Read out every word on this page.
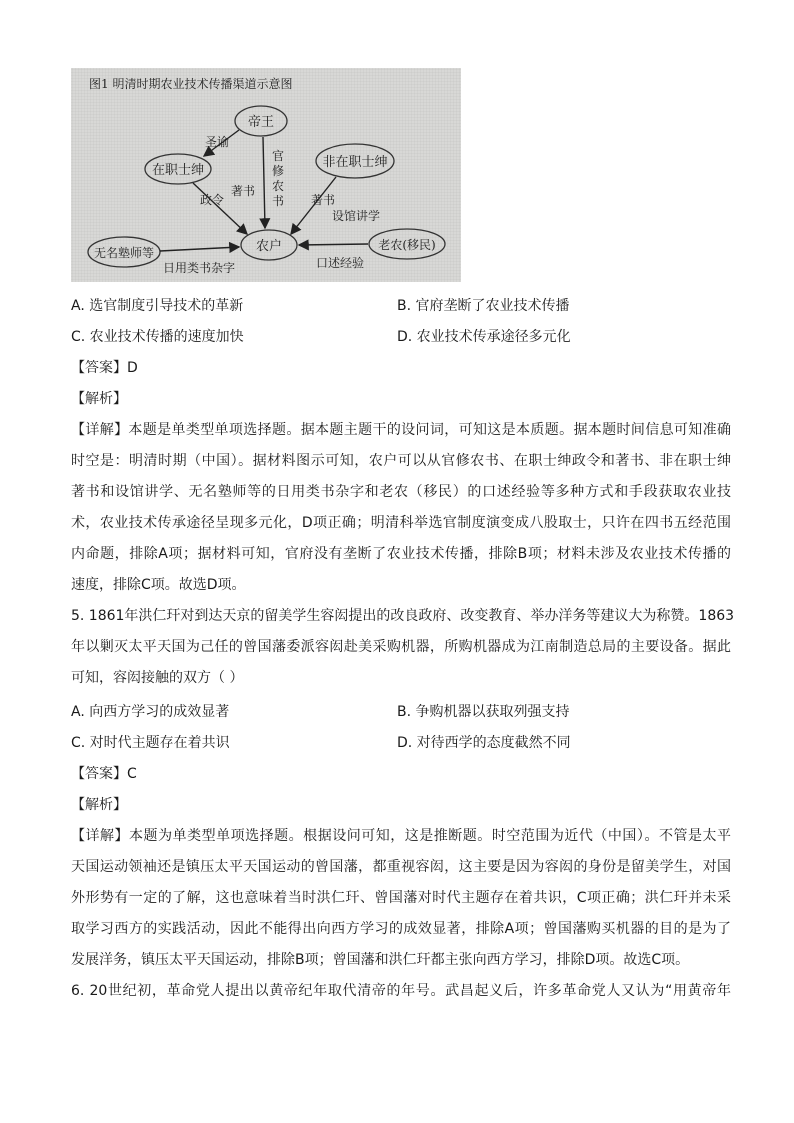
图1 明清时期农业技术传播渠道示意图
帝王
在职士绅
非在职士绅
农户
无名塾师等
老农(移民)
圣谕
官
修
农
书
著书
政令	著书
设馆讲学
日用类书杂字	口述经验
A. 选官制度引导技术的革新	B. 官府垄断了农业技术传播
C. 农业技术传播的速度加快	D. 农业技术传承途径多元化
【答案】D
【解析】
【详解】本题是单类型单项选择题。据本题主题干的设问词，可知这是本质题。据本题时间信息可知准确
时空是：明清时期（中国）。据材料图示可知，农户可以从官修农书、在职士绅政令和著书、非在职士绅
著书和设馆讲学、无名塾师等的日用类书杂字和老农（移民）的口述经验等多种方式和手段获取农业技
术，农业技术传承途径呈现多元化，D项正确；明清科举选官制度演变成八股取士，只许在四书五经范围
内命题，排除A项；据材料可知，官府没有垄断了农业技术传播，排除B项；材料未涉及农业技术传播的
速度，排除C项。故选D项。
5. 1861年洪仁玕对到达天京的留美学生容闳提出的改良政府、改变教育、举办洋务等建议大为称赞。1863
年以剿灭太平天国为己任的曾国藩委派容闳赴美采购机器，所购机器成为江南制造总局的主要设备。据此
可知，容闳接触的双方（ ）
A. 向西方学习的成效显著	B. 争购机器以获取列强支持
C. 对时代主题存在着共识	D. 对待西学的态度截然不同
【答案】C
【解析】
【详解】本题为单类型单项选择题。根据设问可知，这是推断题。时空范围为近代（中国）。不管是太平
天国运动领袖还是镇压太平天国运动的曾国藩，都重视容闳，这主要是因为容闳的身份是留美学生，对国
外形势有一定的了解，这也意味着当时洪仁玕、曾国藩对时代主题存在着共识，C项正确；洪仁玕并未采
取学习西方的实践活动，因此不能得出向西方学习的成效显著，排除A项；曾国藩购买机器的目的是为了
发展洋务，镇压太平天国运动，排除B项；曾国藩和洪仁玕都主张向西方学习，排除D项。故选C项。
6. 20世纪初，革命党人提出以黄帝纪年取代清帝的年号。武昌起义后，许多革命党人又认为“用黄帝年
